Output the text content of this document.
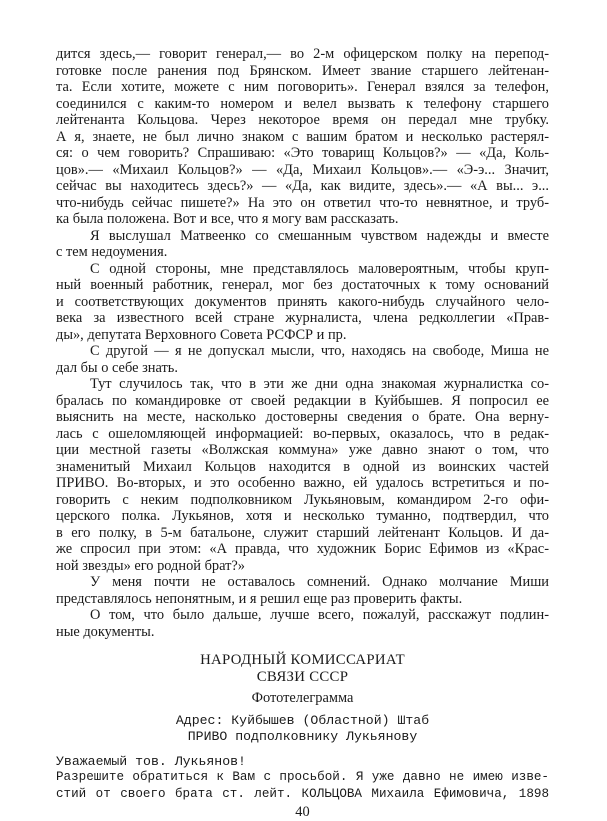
дится здесь,— говорит генерал,— во 2-м офицерском полку на перепод-
готовке после ранения под Брянском. Имеет звание старшего лейтенан-
та. Если хотите, можете с ним поговорить». Генерал взялся за телефон,
соединился с каким-то номером и велел вызвать к телефону старшего
лейтенанта Кольцова. Через некоторое время он передал мне трубку.
А я, знаете, не был лично знаком с вашим братом и несколько растерял-
ся: о чем говорить? Спрашиваю: «Это товарищ Кольцов?» — «Да, Коль-
цов».— «Михаил Кольцов?» — «Да, Михаил Кольцов».— «Э-э... Значит,
сейчас вы находитесь здесь?» — «Да, как видите, здесь».— «А вы... э...
что-нибудь сейчас пишете?» На это он ответил что-то невнятное, и труб-
ка была положена. Вот и все, что я могу вам рассказать.
Я выслушал Матвеенко со смешанным чувством надежды и вместе
с тем недоумения.
С одной стороны, мне представлялось маловероятным, чтобы круп-
ный военный работник, генерал, мог без достаточных к тому оснований
и соответствующих документов принять какого-нибудь случайного чело-
века за известного всей стране журналиста, члена редколлегии «Прав-
ды», депутата Верховного Совета РСФСР и пр.
С другой — я не допускал мысли, что, находясь на свободе, Миша не
дал бы о себе знать.
Тут случилось так, что в эти же дни одна знакомая журналистка со-
бралась по командировке от своей редакции в Куйбышев. Я попросил ее
выяснить на месте, насколько достоверны сведения о брате. Она верну-
лась с ошеломляющей информацией: во-первых, оказалось, что в редак-
ции местной газеты «Волжская коммуна» уже давно знают о том, что
знаменитый Михаил Кольцов находится в одной из воинских частей
ПРИВО. Во-вторых, и это особенно важно, ей удалось встретиться и по-
говорить с неким подполковником Лукьяновым, командиром 2-го офи-
церского полка. Лукьянов, хотя и несколько туманно, подтвердил, что
в его полку, в 5-м батальоне, служит старший лейтенант Кольцов. И да-
же спросил при этом: «А правда, что художник Борис Ефимов из «Крас-
ной звезды» его родной брат?»
У меня почти не оставалось сомнений. Однако молчание Миши
представлялось непонятным, и я решил еще раз проверить факты.
О том, что было дальше, лучше всего, пожалуй, расскажут подлин-
ные документы.
НАРОДНЫЙ КОМИССАРИАТ
СВЯЗИ СССР
Фототелеграмма
Адрес: Куйбышев (Областной) Штаб
ПРИВО подполковнику Лукьянову
Уважаемый тов. Лукьянов!
Разрешите обратиться к Вам с просьбой. Я уже давно не имею изве-
стий от своего брата ст. лейт. КОЛЬЦОВА Михаила Ефимовича, 1898
40
